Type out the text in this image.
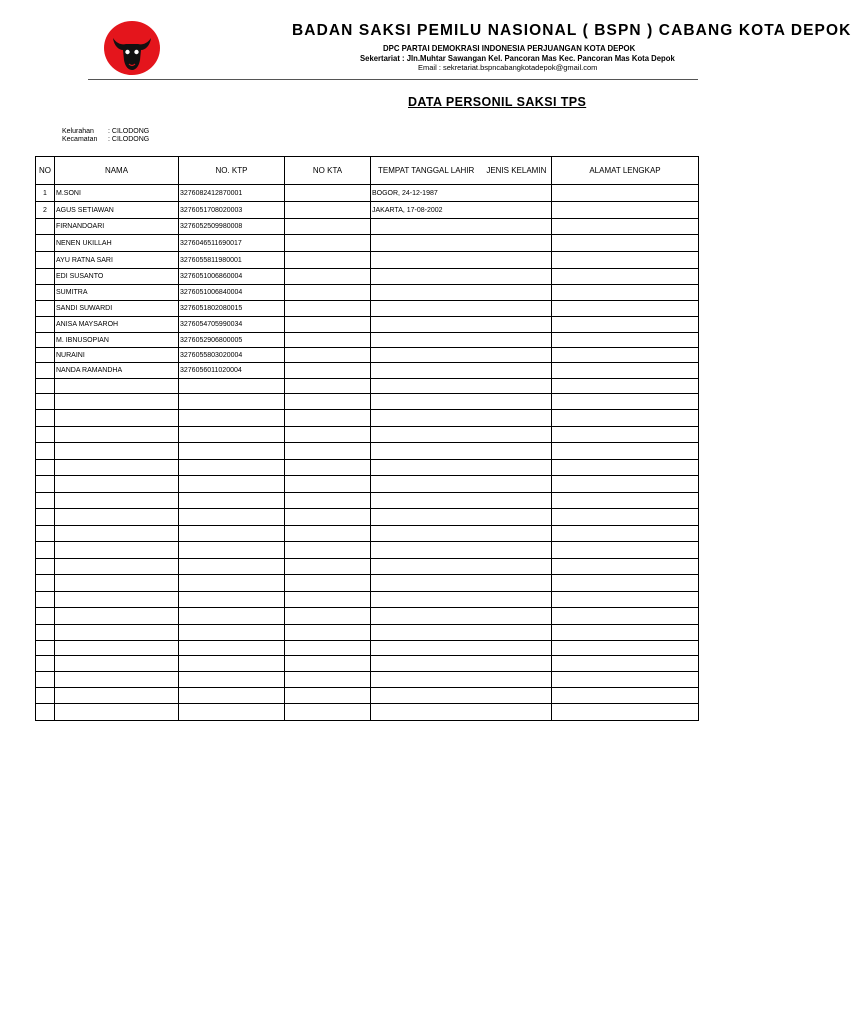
BADAN SAKSI PEMILU NASIONAL ( BSPN ) CABANG KOTA DEPOK
DPC PARTAI DEMOKRASI INDONESIA PERJUANGAN KOTA DEPOK
Sekertariat : Jln.Muhtar Sawangan Kel. Pancoran Mas Kec. Pancoran Mas Kota Depok
Email : sekretariat.bspncabangkotadepok@gmail.com
DATA PERSONIL SAKSI TPS
Kelurahan : CILODONG
Kecamatan : CILODONG
NO	NAMA	NO. KTP	NO KTA	TEMPAT TANGGAL LAHIR JENIS KELAMIN	ALAMAT LENGKAP
1	M.SONI	3276082412870001		BOGOR, 24-12-1987	
2	AGUS SETIAWAN	3276051708020003		JAKARTA, 17-08-2002	
	FIRNANDOARI	3276052509980008			
	NENEN UKILLAH	3276046511690017			
	AYU RATNA SARI	3276055811980001			
	EDI SUSANTO	3276051006860004			
	SUMITRA	3276051006840004			
	SANDI SUWARDI	3276051802080015			
	ANISA MAYSAROH	3276054705990034			
	M. IBNUSOPIAN	3276052906800005			
	NURAINI	3276055803020004			
	NANDA RAMANDHA	3276056011020004			
